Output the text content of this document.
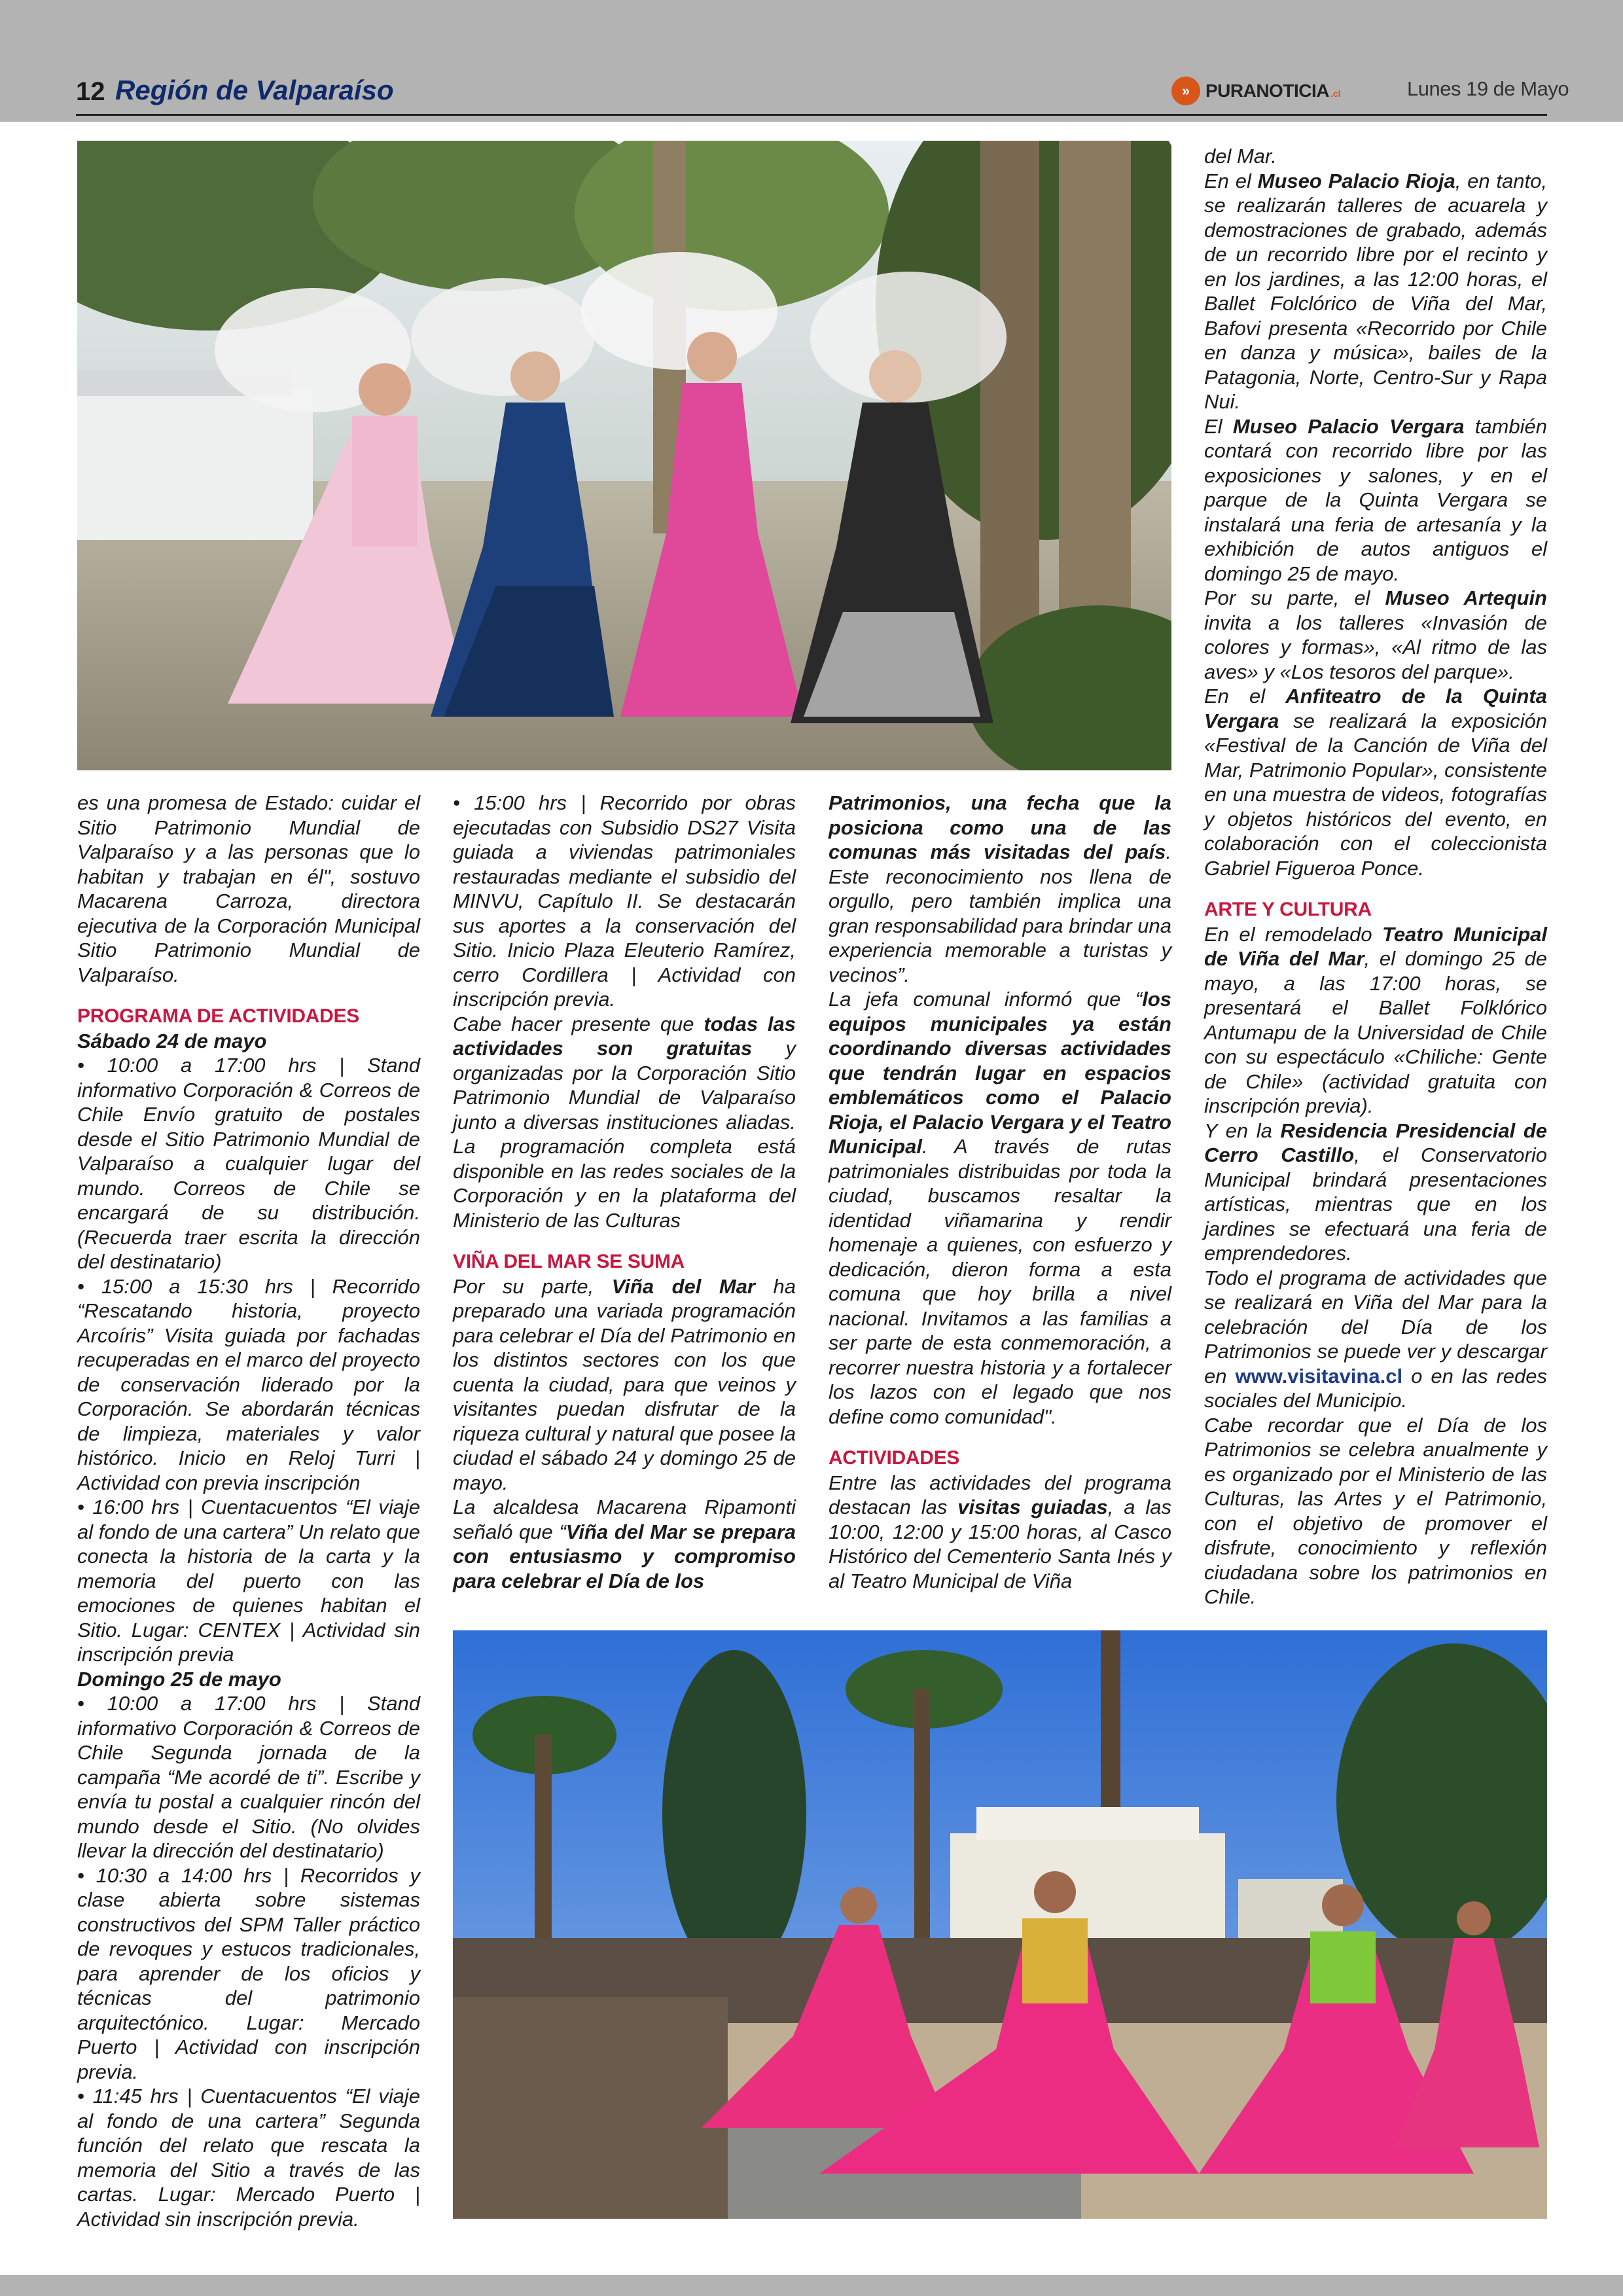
12 Región de Valparaíso	» PURANOTICIA .cl	Lunes 19 de Mayo

es una promesa de Estado: cuidar el Sitio Patrimonio Mundial de Valparaíso y a las personas que lo habitan y trabajan en él", sostuvo Macarena Carroza, directora ejecutiva de la Corporación Municipal Sitio Patrimonio Mundial de Valparaíso.

PROGRAMA DE ACTIVIDADES

Sábado 24 de mayo

• 10:00 a 17:00 hrs | Stand informativo Corporación & Correos de Chile Envío gratuito de postales desde el Sitio Patrimonio Mundial de Valparaíso a cualquier lugar del mundo. Correos de Chile se encargará de su distribución. (Recuerda traer escrita la dirección del destinatario)

• 15:00 a 15:30 hrs | Recorrido “Rescatando historia, proyecto Arcoíris” Visita guiada por fachadas recuperadas en el marco del proyecto de conservación liderado por la Corporación. Se abordarán técnicas de limpieza, materiales y valor histórico. Inicio en Reloj Turri | Actividad con previa inscripción

• 16:00 hrs | Cuentacuentos “El viaje al fondo de una cartera” Un relato que conecta la historia de la carta y la memoria del puerto con las emociones de quienes habitan el Sitio. Lugar: CENTEX | Actividad sin inscripción previa

Domingo 25 de mayo

• 10:00 a 17:00 hrs | Stand informativo Corporación & Correos de Chile Segunda jornada de la campaña “Me acordé de ti”. Escribe y envía tu postal a cualquier rincón del mundo desde el Sitio. (No olvides llevar la dirección del destinatario)

• 10:30 a 14:00 hrs | Recorridos y clase abierta sobre sistemas constructivos del SPM Taller práctico de revoques y estucos tradicionales, para aprender de los oficios y técnicas del patrimonio arquitectónico. Lugar: Mercado Puerto | Actividad con inscripción previa.

• 11:45 hrs | Cuentacuentos “El viaje al fondo de una cartera” Segunda función del relato que rescata la memoria del Sitio a través de las cartas. Lugar: Mercado Puerto | Actividad sin inscripción previa.

• 15:00 hrs | Recorrido por obras ejecutadas con Subsidio DS27 Visita guiada a viviendas patrimoniales restauradas mediante el subsidio del MINVU, Capítulo II. Se destacarán sus aportes a la conservación del Sitio. Inicio Plaza Eleuterio Ramírez, cerro Cordillera | Actividad con inscripción previa.

Cabe hacer presente que todas las actividades son gratuitas y organizadas por la Corporación Sitio Patrimonio Mundial de Valparaíso junto a diversas instituciones aliadas. La programación completa está disponible en las redes sociales de la Corporación y en la plataforma del Ministerio de las Culturas

VIÑA DEL MAR SE SUMA

Por su parte, Viña del Mar ha preparado una variada programación para celebrar el Día del Patrimonio en los distintos sectores con los que cuenta la ciudad, para que veinos y visitantes puedan disfrutar de la riqueza cultural y natural que posee la ciudad el sábado 24 y domingo 25 de mayo.

La alcaldesa Macarena Ripamonti señaló que “Viña del Mar se prepara con entusiasmo y compromiso para celebrar el Día de los

Patrimonios, una fecha que la posiciona como una de las comunas más visitadas del país. Este reconocimiento nos llena de orgullo, pero también implica una gran responsabilidad para brindar una experiencia memorable a turistas y vecinos”.

La jefa comunal informó que “los equipos municipales ya están coordinando diversas actividades que tendrán lugar en espacios emblemáticos como el Palacio Rioja, el Palacio Vergara y el Teatro Municipal. A través de rutas patrimoniales distribuidas por toda la ciudad, buscamos resaltar la identidad viñamarina y rendir homenaje a quienes, con esfuerzo y dedicación, dieron forma a esta comuna que hoy brilla a nivel nacional. Invitamos a las familias a ser parte de esta conmemoración, a recorrer nuestra historia y a fortalecer los lazos con el legado que nos define como comunidad".

ACTIVIDADES

Entre las actividades del programa destacan las visitas guiadas, a las 10:00, 12:00 y 15:00 horas, al Casco Histórico del Cementerio Santa Inés y al Teatro Municipal de Viña

del Mar.

En el Museo Palacio Rioja, en tanto, se realizarán talleres de acuarela y demostraciones de grabado, además de un recorrido libre por el recinto y en los jardines, a las 12:00 horas, el Ballet Folclórico de Viña del Mar, Bafovi presenta «Recorrido por Chile en danza y música», bailes de la Patagonia, Norte, Centro-Sur y Rapa Nui.

El Museo Palacio Vergara también contará con recorrido libre por las exposiciones y salones, y en el parque de la Quinta Vergara se instalará una feria de artesanía y la exhibición de autos antiguos el domingo 25 de mayo.

Por su parte, el Museo Artequin invita a los talleres «Invasión de colores y formas», «Al ritmo de las aves» y «Los tesoros del parque».

En el Anfiteatro de la Quinta Vergara se realizará la exposición «Festival de la Canción de Viña del Mar, Patrimonio Popular», consistente en una muestra de videos, fotografías y objetos históricos del evento, en colaboración con el coleccionista Gabriel Figueroa Ponce.

ARTE Y CULTURA

En el remodelado Teatro Municipal de Viña del Mar, el domingo 25 de mayo, a las 17:00 horas, se presentará el Ballet Folklórico Antumapu de la Universidad de Chile con su espectáculo «Chiliche: Gente de Chile» (actividad gratuita con inscripción previa).

Y en la Residencia Presidencial de Cerro Castillo, el Conservatorio Municipal brindará presentaciones artísticas, mientras que en los jardines se efectuará una feria de emprendedores.

Todo el programa de actividades que se realizará en Viña del Mar para la celebración del Día de los Patrimonios se puede ver y descargar en www.visitavina.cl o en las redes sociales del Municipio.

Cabe recordar que el Día de los Patrimonios se celebra anualmente y es organizado por el Ministerio de las Culturas, las Artes y el Patrimonio, con el objetivo de promover el disfrute, conocimiento y reflexión ciudadana sobre los patrimonios en Chile.
